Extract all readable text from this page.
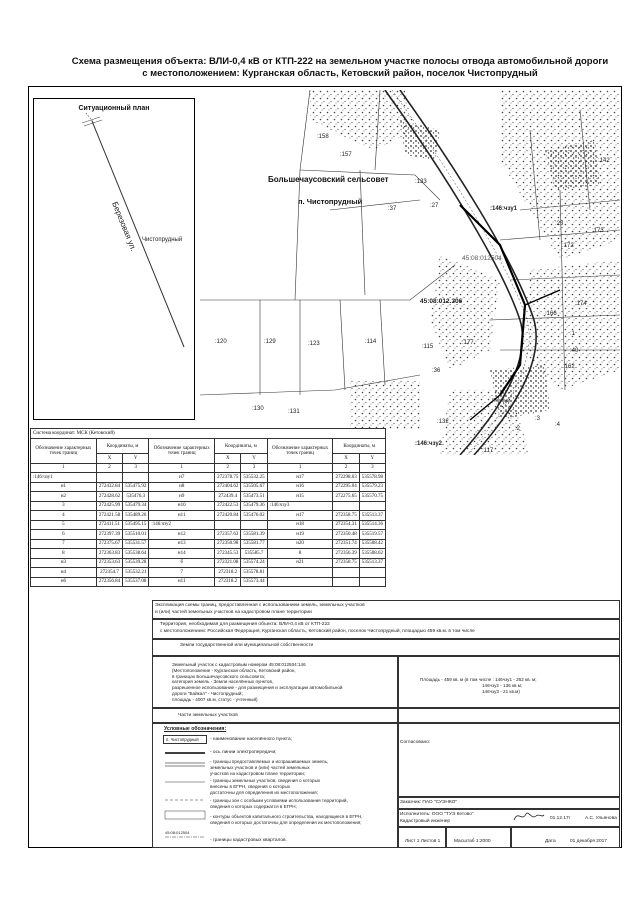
Схема размещения объекта: ВЛИ-0,4 кВ от КТП-222 на земельном участке полосы отвода автомобильной дороги
с местоположением: Курганская область, Кетовский район, поселок Чистопрудный
Ситуационный план
Березовая ул. Чистопрудный
:158
:157
:133
:37	:27	:146:чзу1
:23
:172
:173
:120	:129	:123	:114
:115
:177
:162
:130	:131
:132
:117
:146:чзу2
:142
:1
:40
:36
:166
:174
:2
:3
:4
45:08:012504
45:08:012.306
Ячмень
Большечаусовский сельсовет
п. Чистопрудный
Система координат: МСК (Кетовский)								
Обозначение характерных точек границ	Координаты, м		Обозначение характерных точек границ	Координаты, м		Обозначение характерных точек границ	Координаты, м	
	X	Y		X	Y		X	Y
1	2	3	1	2	3	1	2	3
:146:чзу1			н7	272378.75	535532.25	н17	272298.63	535578.98
н1	272432.84	535475.92	н8	272404.62	535505.67	н16	272295.04	535579.23
н2	272428.62	535476.3	н9	272439.4	535473.51	н15	272275.65	535570.75
3	272425.99	535479.34	н10	272422.53	535479.36	:146:чзу3		
4	272421.58	535489.26	н11	272420.84	535476.02	н17	272358.75	535513.37
5	272411.51	535495.15	:146:чзу2			н18	272354.31	535514.36
6	272397.39	535510.01	н12	272357.63	535581.39	н19	272350.48	535519.57
7	272375.67	535531.57	н13	272350.98	535581.77	н20	272351.74	535508.42
8	272363.83	535538.64	н14	272345.53	535585.7	8	272356.39	535508.62
н3	272353.63	535539.28	б	272321.08	535574.24	н21	272358.75	535513.37
н4	272354.7	535532.21	7	272318.2	535578.81			
н6	272356.84	535537.08	н11	272318.2	535573.44			
Экспликация схемы границ, предоставленная с использованием земель, земельных участков
и (или) частей земельных участков на кадастровом плане территории
Территория, необходимая для размещения объекта: ВЛИ-0,4 кВ от КТП-222
с местоположением: Российская Федерация, Курганская область, Кетовский район, поселок Чистопрудный, площадью 459 кв.м. в том числе
Земли государственной или муниципальной собственности
Земельный участок с кадастровым номером 45:08:012504:146
(Местоположение - Курганская область, Кетовский район,
в границах Большечаусовского сельсовета;
категория земель - Земли населённых пунктов,
разрешенное использование - для размещения и эксплуатации автомобильной
дороги "Байкал" - Чистопрудный;
площадь - 4007 кв.м, статус - учтенный)
Площадь - 459 кв. м (в том числе : 146чзу1 - 262 кв. м;
146чзу2 - 136 кв.м;
146чзу3 - 21 кв.м)
Части земельных участков
Условные обозначения:
п. Чистопрудный - наименование населённого пункта;
- ось линии электропередачи;
- границы предоставляемых и испрашиваемых земель,
земельных участков и (или) частей земельных
участков на кадастровом плане территории;
- границы земельных участков, сведения о которых
внесены в ЕГРН, сведения о которых
достаточны для определения их местоположения;
- границы зон с особыми условиями использования территорий,
сведения о которых содержатся в ЕГРН;
- контуры объектов капитального строительства, находящиеся в ЕГРН,
сведения о которых достаточны для определения их местоположения;
45:08:012504
- границы кадастровых кварталов.
Согласовано:
Заказчик: ПАО "СУЭНКО"
Исполнитель: ООО "ТУЭ Кетово"
Кадастровый инженер
01.12.17г	А.С. Ульянова
Лист 1 Листов 1	Масштаб 1:2000	Дата	01 декабря 2017
